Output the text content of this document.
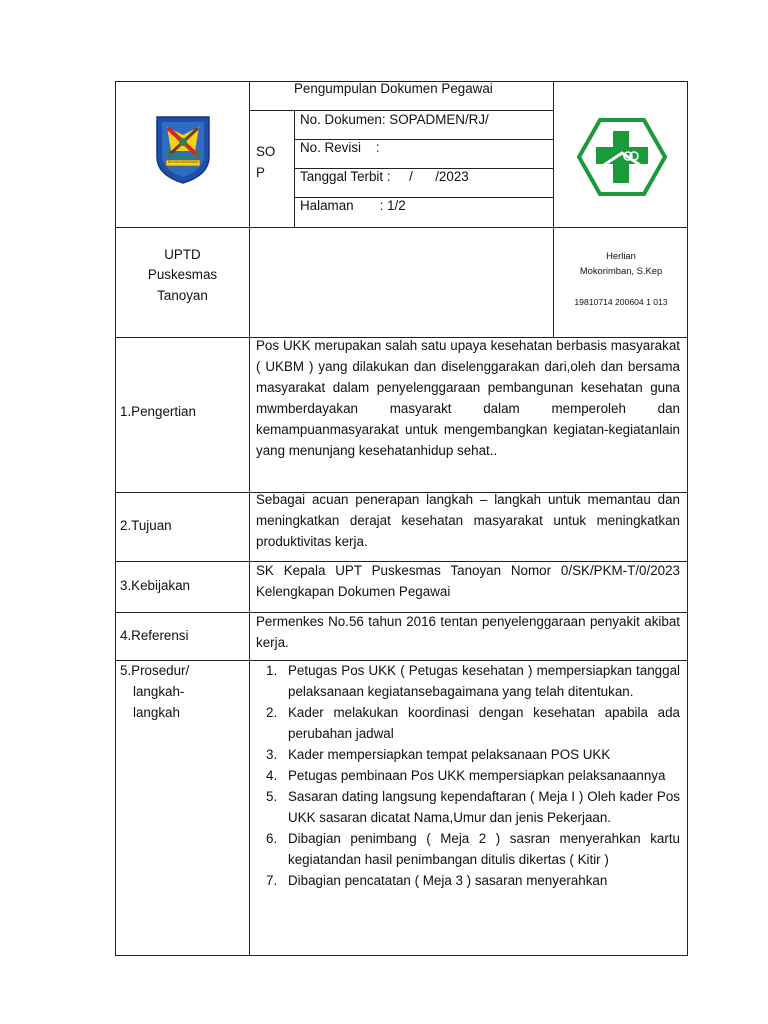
BOLAANG MONGONDOW
Pengumpulan Dokumen Pegawai
SO
P
No. Dokumen: SOPADMEN/RJ/
No. Revisi    :
Tanggal Terbit :     /      /2023
Halaman       : 1/2
UPTD
Puskesmas
Tanoyan
Herlian
Mokorimban, S.Kep
19810714 200604 1 013
1.Pengertian
2.Tujuan
3.Kebijakan
4.Referensi
5.Prosedur/
langkah-
langkah
Pos UKK merupakan salah satu upaya kesehatan berbasis masyarakat ( UKBM ) yang dilakukan dan diselenggarakan dari,oleh dan bersama masyarakat dalam penyelenggaraan pembangunan kesehatan guna mwmberdayakan masyarakt dalam memperoleh dan kemampuanmasyarakat untuk mengembangkan kegiatan-kegiatanlain yang menunjang kesehatanhidup sehat..
Sebagai acuan penerapan langkah – langkah untuk memantau dan meningkatkan derajat kesehatan masyarakat untuk meningkatkan produktivitas kerja.
SK Kepala UPT Puskesmas Tanoyan Nomor 0/SK/PKM-T/0/2023 Kelengkapan Dokumen Pegawai
Permenkes No.56 tahun 2016 tentan penyelenggaraan penyakit akibat kerja.
1. Petugas Pos UKK ( Petugas kesehatan ) mempersiapkan tanggal pelaksanaan kegiatansebagaimana yang telah ditentukan.
2. Kader melakukan koordinasi dengan kesehatan apabila ada perubahan jadwal
3. Kader mempersiapkan tempat pelaksanaan POS UKK
4. Petugas pembinaan Pos UKK mempersiapkan pelaksanaannya
5. Sasaran dating langsung kependaftaran ( Meja I ) Oleh kader Pos UKK sasaran dicatat Nama,Umur dan jenis Pekerjaan.
6. Dibagian penimbang ( Meja 2 ) sasran menyerahkan kartu kegiatandan hasil penimbangan ditulis dikertas ( Kitir )
7. Dibagian pencatatan ( Meja 3 ) sasaran menyerahkan
